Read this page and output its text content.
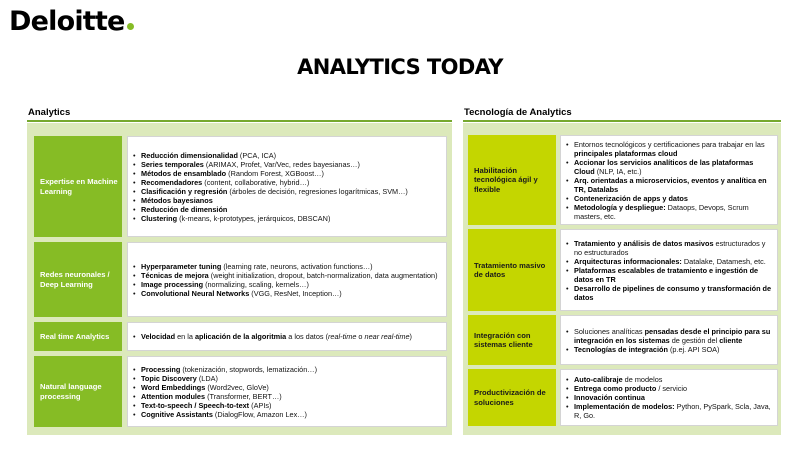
Deloitte
ANALYTICS TODAY
Analytics
Expertise en Machine Learning
• Reducción dimensionalidad (PCA, ICA)
• Series temporales (ARIMAX, Profet, Var/Vec, redes bayesianas…)
• Métodos de ensamblado (Random Forest, XGBoost…)
• Recomendadores (content, collaborative, hybrid…)
• Clasificación y regresión (árboles de decisión, regresiones logarítmicas, SVM…)
• Métodos bayesianos
• Reducción de dimensión
• Clustering (k-means, k-prototypes, jerárquicos, DBSCAN)
Redes neuronales / Deep Learning
• Hyperparameter tuning (learning rate, neurons, activation functions…)
• Técnicas de mejora (weight initialization, dropout, batch-normalization, data augmentation)
• Image processing (normalizing, scaling, kernels…)
• Convolutional Neural Networks (VGG, ResNet, Inception…)
Real time Analytics
•	Velocidad en la aplicación de la algoritmia a los datos (real-time o near real-time)
Natural language processing
• Processing (tokenización, stopwords, lematización…)
• Topic Discovery (LDA)
• Word Embeddings (Word2vec, GloVe)
• Attention modules (Transformer, BERT…)
• Text-to-speech / Speech-to-text (APIs)
• Cognitive Assistants (DialogFlow, Amazon Lex…)
Tecnología de Analytics
Habilitación tecnológica ágil y flexible
• Entornos tecnológicos y certificaciones para trabajar en las principales plataformas cloud
• Accionar los servicios analíticos de las plataformas Cloud (NLP, IA, etc.)
• Arq. orientadas a microservicios, eventos y analítica en TR, Datalabs
• Contenerización de apps y datos
• Metodología y despliegue: Dataops, Devops, Scrum masters, etc.
Tratamiento masivo de datos
• Tratamiento y análisis de datos masivos estructurados y no estructurados
• Arquitecturas informacionales: Datalake, Datamesh, etc.
• Plataformas escalables de tratamiento e ingestión de datos en TR
• Desarrollo de pipelines de consumo y transformación de datos
Integración con sistemas cliente
• Soluciones analíticas pensadas desde el principio para su integración en los sistemas de gestión del cliente
• Tecnologías de integración (p.ej. API SOA)
Productivización de soluciones
• Auto-calibraje de modelos
• Entrega como producto / servicio
• Innovación continua
• Implementación de modelos: Python, PySpark, Scla, Java, R, Go.
